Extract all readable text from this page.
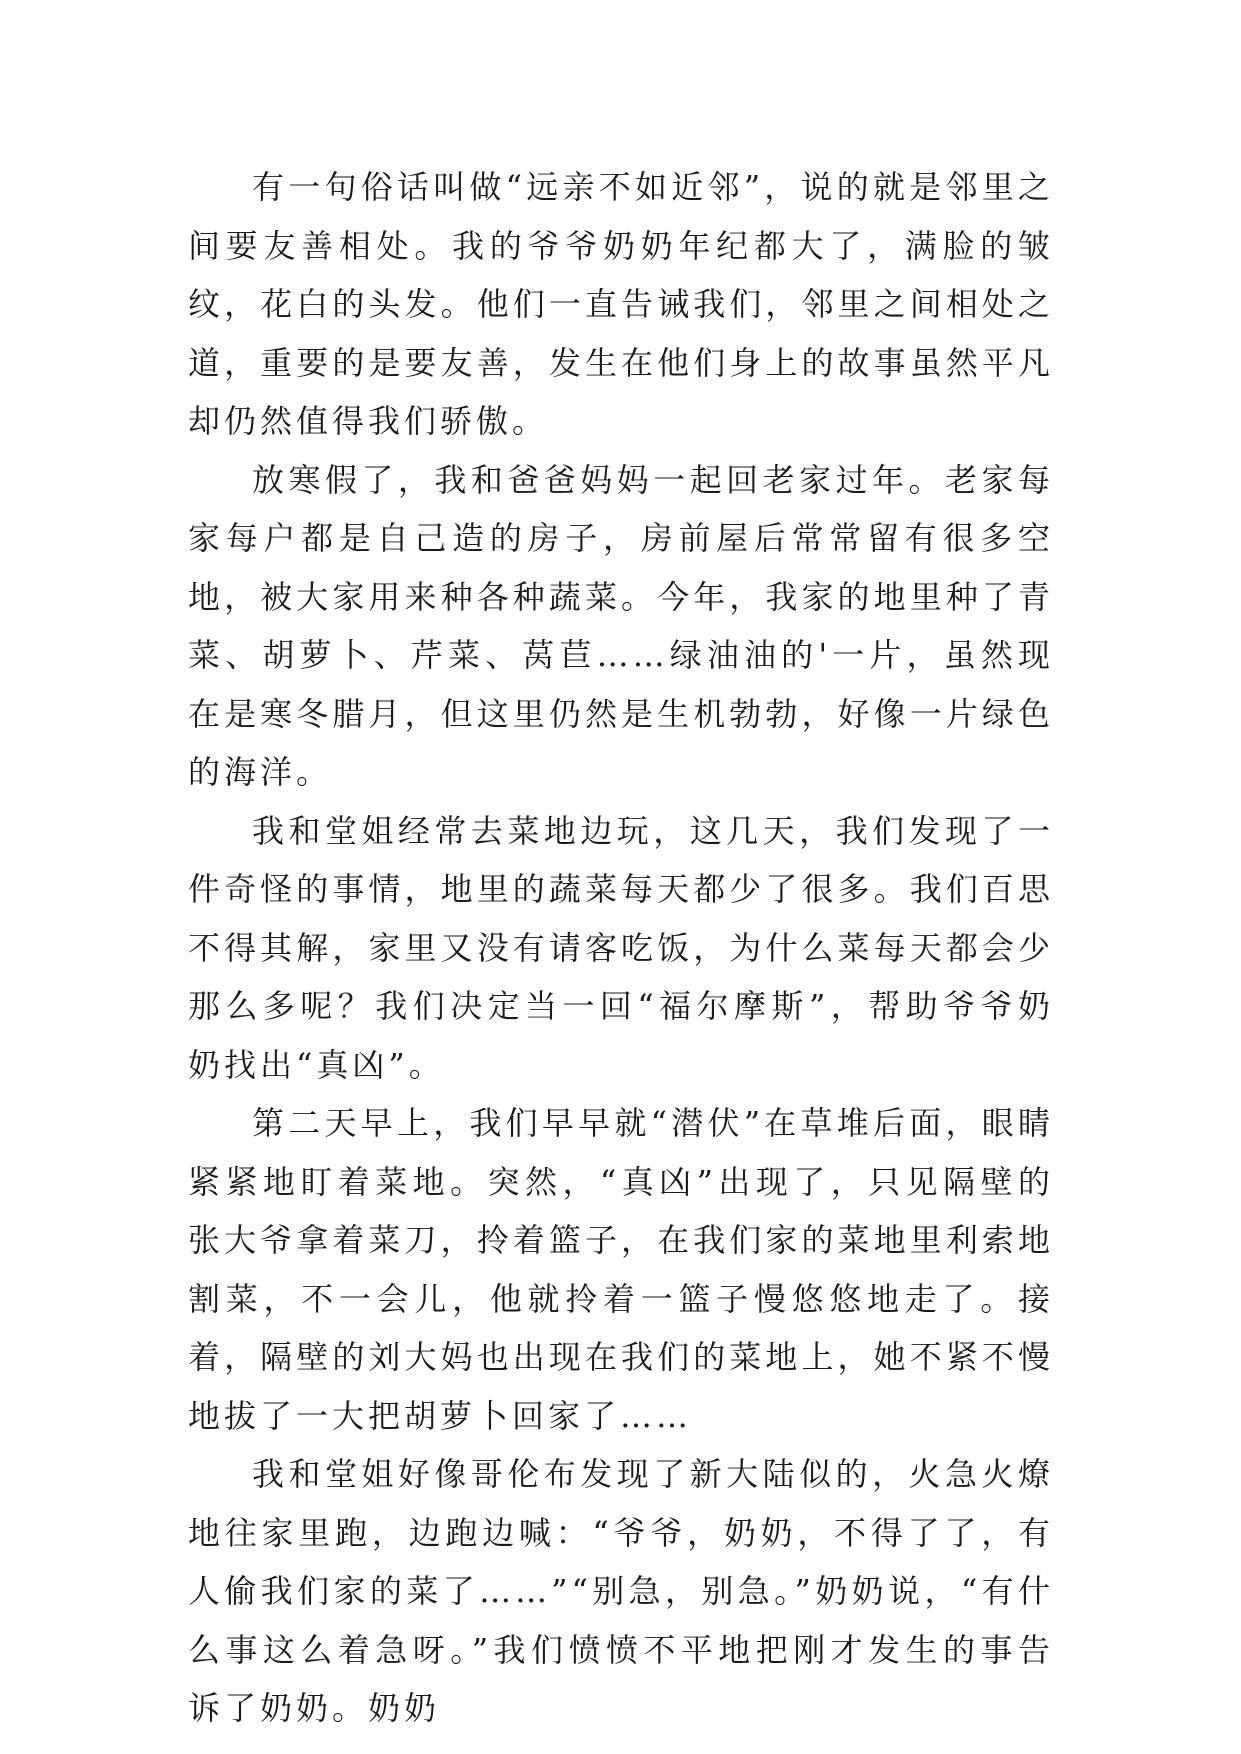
有一句俗话叫做“远亲不如近邻”，说的就是邻里之间要友善相处。我的爷爷奶奶年纪都大了，满脸的皱纹，花白的头发。他们一直告诫我们，邻里之间相处之道，重要的是要友善，发生在他们身上的故事虽然平凡却仍然值得我们骄傲。

放寒假了，我和爸爸妈妈一起回老家过年。老家每家每户都是自己造的房子，房前屋后常常留有很多空地，被大家用来种各种蔬菜。今年，我家的地里种了青菜、胡萝卜、芹菜、莴苣……绿油油的'一片，虽然现在是寒冬腊月，但这里仍然是生机勃勃，好像一片绿色的海洋。

我和堂姐经常去菜地边玩，这几天，我们发现了一件奇怪的事情，地里的蔬菜每天都少了很多。我们百思不得其解，家里又没有请客吃饭，为什么菜每天都会少那么多呢？我们决定当一回“福尔摩斯”，帮助爷爷奶奶找出“真凶”。

第二天早上，我们早早就“潜伏”在草堆后面，眼睛紧紧地盯着菜地。突然，“真凶”出现了，只见隔壁的张大爷拿着菜刀，拎着篮子，在我们家的菜地里利索地割菜，不一会儿，他就拎着一篮子慢悠悠地走了。接着，隔壁的刘大妈也出现在我们的菜地上，她不紧不慢地拔了一大把胡萝卜回家了……

我和堂姐好像哥伦布发现了新大陆似的，火急火燎地往家里跑，边跑边喊：“爷爷，奶奶，不得了了，有人偷我们家的菜了……”“别急，别急。”奶奶说，“有什么事这么着急呀。”我们愤愤不平地把刚才发生的事告诉了奶奶。奶奶
